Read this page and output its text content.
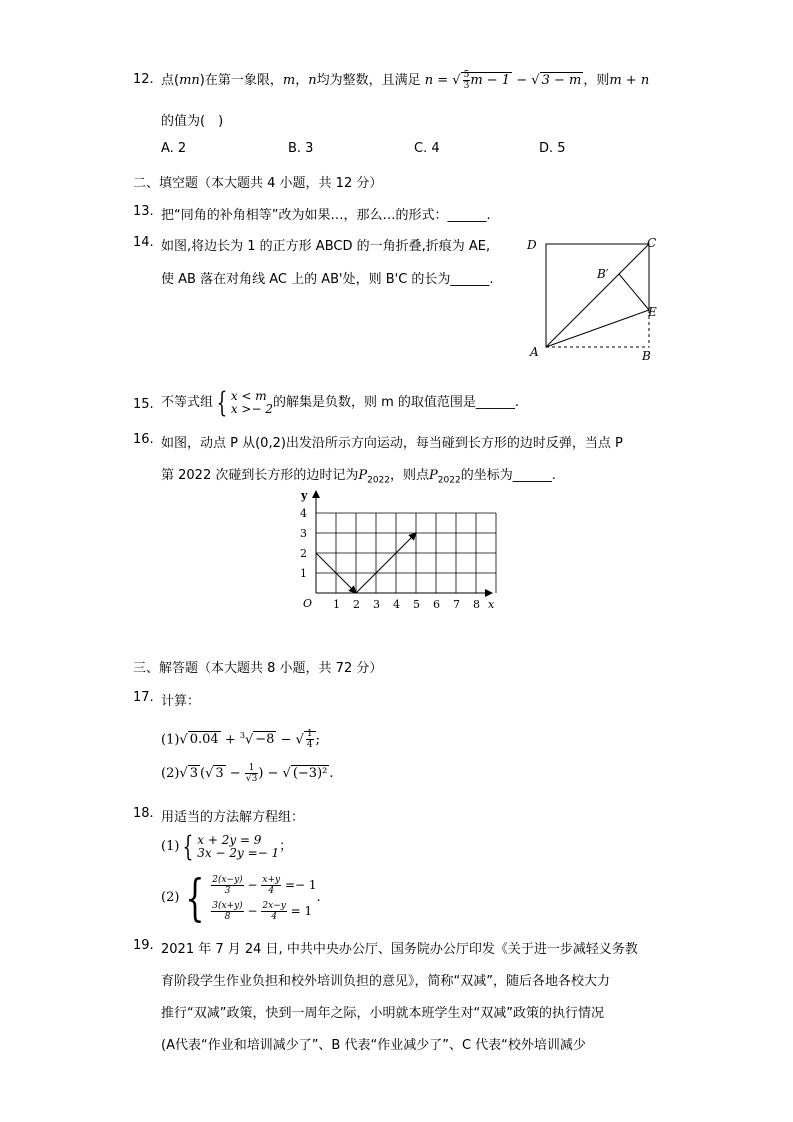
12. 点(mn)在第一象限，m，n均为整数，且满足 n = √ $\frac{5}{3}$ m − 1 − √ 3 − m ，则m + n
的值为(　)
A. 2	B. 3	C. 4	D. 5
二、填空题（本大题共 4 小题，共 12 分）
13. 把“同角的补角相等”改为如果…，那么…的形式：______.
14. 如图,将边长为 1 的正方形 ABCD 的一角折叠,折痕为 AE,
使 AB 落在对角线 AC 上的 AB'处，则 B'C 的长为______.
A	B
C
D
E
B′
15. 不等式组 { x < m
x >− 2 的解集是负数，则 m 的取值范围是______.
16. 如图，动点 P 从(0,2)出发沿所示方向运动，每当碰到长方形的边时反弹，当点 P
第 2022 次碰到长方形的边时记为$P_{2022}$，则点$P_{2022}$的坐标为______.
y
x
O 1 2 3 4 5 6 7 8
1
2
3
4
三、解答题（本大题共 8 小题，共 72 分）
17. 计算：
(1)√ 0.04 + $^3$√ −8 − √ $\frac{1}{4}$ ;
(2)√ 3 (√ $3 - \frac{1}{√3}$ ) − √ (−3)² .
18. 用适当的方法解方程组：
(1) { x + 2y = 9
3x − 2y =− 1 ；
(2) { $\frac{2(x-y)}{3} - \frac{x+y}{4} =- 1$
$\frac{3(x+y)}{8} - \frac{2x-y}{4} = 1$
.
19. 2021 年 7 月 24 日, 中共中央办公厅、国务院办公厅印发《关于进一步减轻义务教
育阶段学生作业负担和校外培训负担的意见》，简称“双减”，随后各地各校大力
推行“双减”政策，快到一周年之际，小明就本班学生对“双减”政策的执行情况
(A代表“作业和培训减少了”、B 代表“作业减少了”、C 代表“校外培训减少
